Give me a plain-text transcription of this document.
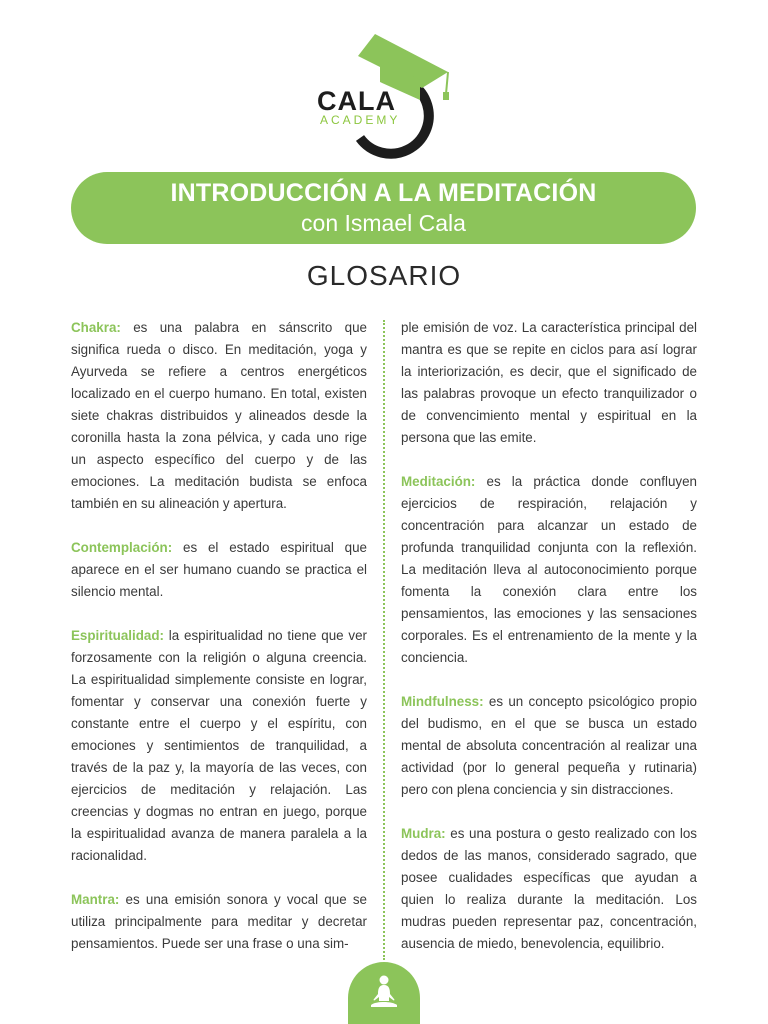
CALA
ACADEMY
INTRODUCCIÓN A LA MEDITACIÓN
con Ismael Cala
GLOSARIO

Chakra: es una palabra en sánscrito que significa rueda o disco. En meditación, yoga y Ayurveda se refiere a centros energéticos localizado en el cuerpo humano. En total, existen siete chakras distribuidos y alineados desde la coronilla hasta la zona pélvica, y cada uno rige un aspecto específico del cuerpo y de las emociones. La meditación budista se enfoca también en su alineación y apertura.

Contemplación: es el estado espiritual que aparece en el ser humano cuando se practica el silencio mental.

Espiritualidad: la espiritualidad no tiene que ver forzosamente con la religión o alguna creencia. La espiritualidad simplemente consiste en lograr, fomentar y conservar una conexión fuerte y constante entre el cuerpo y el espíritu, con emociones y sentimientos de tranquilidad, a través de la paz y, la mayoría de las veces, con ejercicios de meditación y relajación. Las creencias y dogmas no entran en juego, porque la espiritualidad avanza de manera paralela a la racionalidad.

Mantra: es una emisión sonora y vocal que se utiliza principalmente para meditar y decretar pensamientos. Puede ser una frase o una sim-

ple emisión de voz. La característica principal del mantra es que se repite en ciclos para así lograr la interiorización, es decir, que el significado de las palabras provoque un efecto tranquilizador o de convencimiento mental y espiritual en la persona que las emite.

Meditación: es la práctica donde confluyen ejercicios de respiración, relajación y concentración para alcanzar un estado de profunda tranquilidad conjunta con la reflexión. La meditación lleva al autoconocimiento porque fomenta la conexión clara entre los pensamientos, las emociones y las sensaciones corporales. Es el entrenamiento de la mente y la conciencia.

Mindfulness: es un concepto psicológico propio del budismo, en el que se busca un estado mental de absoluta concentración al realizar una actividad (por lo general pequeña y rutinaria) pero con plena conciencia y sin distracciones.

Mudra: es una postura o gesto realizado con los dedos de las manos, considerado sagrado, que posee cualidades específicas que ayudan a quien lo realiza durante la meditación. Los mudras pueden representar paz, concentración, ausencia de miedo, benevolencia, equilibrio.
